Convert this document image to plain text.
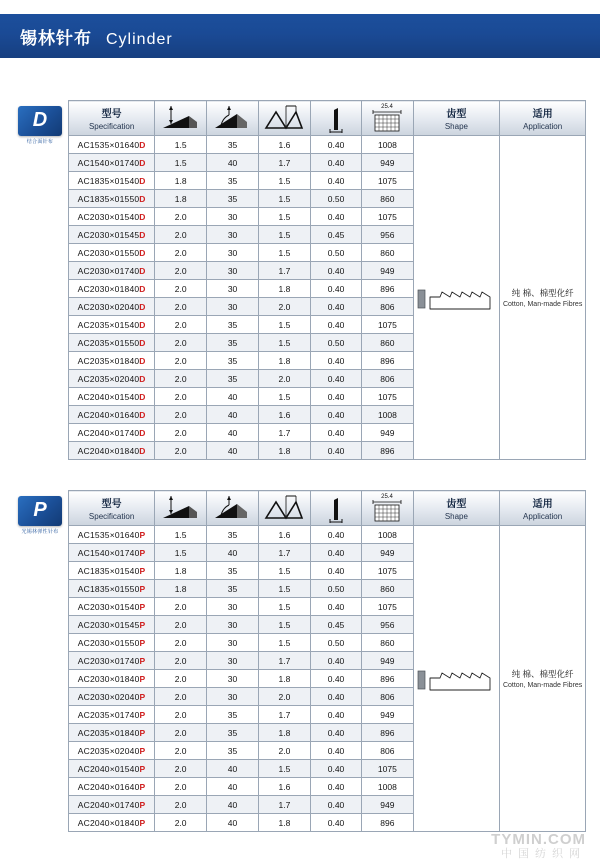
锡林针布 Cylinder
D
结合面针布
型号
Specification					25.4	齿型
Shape	适用
Application

AC1535×01640D	1.5	35	1.6	0.40	1008		纯 棉、棉型化纤
Cotton, Man-made Fibres

AC1540×01740D	1.5	40	1.7	0.40	949		
AC1835×01540D	1.8	35	1.5	0.40	1075		
AC1835×01550D	1.8	35	1.5	0.50	860		
AC2030×01540D	2.0	30	1.5	0.40	1075		
AC2030×01545D	2.0	30	1.5	0.45	956		
AC2030×01550D	2.0	30	1.5	0.50	860		
AC2030×01740D	2.0	30	1.7	0.40	949		
AC2030×01840D	2.0	30	1.8	0.40	896		
AC2030×02040D	2.0	30	2.0	0.40	806		
AC2035×01540D	2.0	35	1.5	0.40	1075		
AC2035×01550D	2.0	35	1.5	0.50	860		
AC2035×01840D	2.0	35	1.8	0.40	896		
AC2035×02040D	2.0	35	2.0	0.40	806		
AC2040×01540D	2.0	40	1.5	0.40	1075		
AC2040×01640D	2.0	40	1.6	0.40	1008		
AC2040×01740D	2.0	40	1.7	0.40	949		
AC2040×01840D	2.0	40	1.8	0.40	896		
P
光锡林弹性针布
型号
Specification					25.4	齿型
Shape	适用
Application

AC1535×01640P	1.5	35	1.6	0.40	1008		纯 棉、棉型化纤
Cotton, Man-made Fibres

AC1540×01740P	1.5	40	1.7	0.40	949		
AC1835×01540P	1.8	35	1.5	0.40	1075		
AC1835×01550P	1.8	35	1.5	0.50	860		
AC2030×01540P	2.0	30	1.5	0.40	1075		
AC2030×01545P	2.0	30	1.5	0.45	956		
AC2030×01550P	2.0	30	1.5	0.50	860		
AC2030×01740P	2.0	30	1.7	0.40	949		
AC2030×01840P	2.0	30	1.8	0.40	896		
AC2030×02040P	2.0	30	2.0	0.40	806		
AC2035×01740P	2.0	35	1.7	0.40	949		
AC2035×01840P	2.0	35	1.8	0.40	896		
AC2035×02040P	2.0	35	2.0	0.40	806		
AC2040×01540P	2.0	40	1.5	0.40	1075		
AC2040×01640P	2.0	40	1.6	0.40	1008		
AC2040×01740P	2.0	40	1.7	0.40	949		
AC2040×01840P	2.0	40	1.8	0.40	896		
TYMIN.COM
中国纺织网
